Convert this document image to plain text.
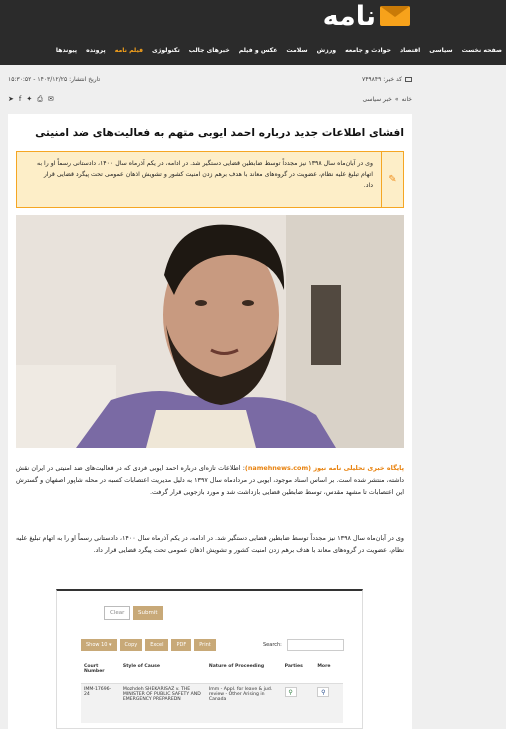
نامه
صفحه نخست
سیاسی
اقتصاد
حوادث و جامعه
ورزش
سلامت
عکس و فیلم
خبرهای جالب
تکنولوژی
فیلم نامه
پرونده
پیوندها
کد خبر: ۷۴۹۸۴۹
تاریخ انتشار: ۱۴۰۳/۱۲/۲۵ - ۱۵:۳۰:۵۲
➤ f ✦ ⎙ ✉	خانه
»
خبر سیاسی
افشای اطلاعات جدید درباره احمد ایوبی متهم به فعالیت‌های ضد امنیتی
✎

وی در آبان‌ماه سال ۱۳۹۸ نیز مجدداً توسط ضابطین قضایی دستگیر شد. در ادامه، در یکم آذرماه سال ۱۴۰۰، دادستانی رسماً او را به اتهام تبلیغ علیه نظام، عضویت در گروه‌های معاند با هدف برهم زدن امنیت کشور و تشویش اذهان عمومی تحت پیگرد قضایی قرار داد.

پایگاه خبری تحلیلی نامه نیوز (namehnews.com): اطلاعات تازه‌ای درباره احمد ایوبی فردی که در فعالیت‌های ضد امنیتی در ایران نقش داشته، منتشر شده است. بر اساس اسناد موجود، ایوبی در مردادماه سال ۱۳۹۷ به دلیل مدیریت اعتصابات کسبه در محله شاپور اصفهان و گسترش این اعتصابات تا مشهد مقدس، توسط ضابطین قضایی بازداشت شد و مورد بازجویی قرار گرفت.

وی در آبان‌ماه سال ۱۳۹۸ نیز مجدداً توسط ضابطین قضایی دستگیر شد. در ادامه، در یکم آذرماه سال ۱۴۰۰، دادستانی رسماً او را به اتهام تبلیغ علیه نظام، عضویت در گروه‌های معاند با هدف برهم زدن امنیت کشور و تشویش اذهان عمومی تحت پیگرد قضایی قرار داد.

Clear	Submit
Show 10 ▾	Copy	Excel	PDF	Print	Search:
Court Number	Style of Cause	Nature of Proceeding	Parties	More
IMM-17696-24	Mozhdeh SHEKARISAZ v. THE MINISTER OF PUBLIC SAFETY AND EMERGENCY PREPAREDN	Imm - Appl. for leave & jud. review - Other Arising in Canada	⚲	⚲
